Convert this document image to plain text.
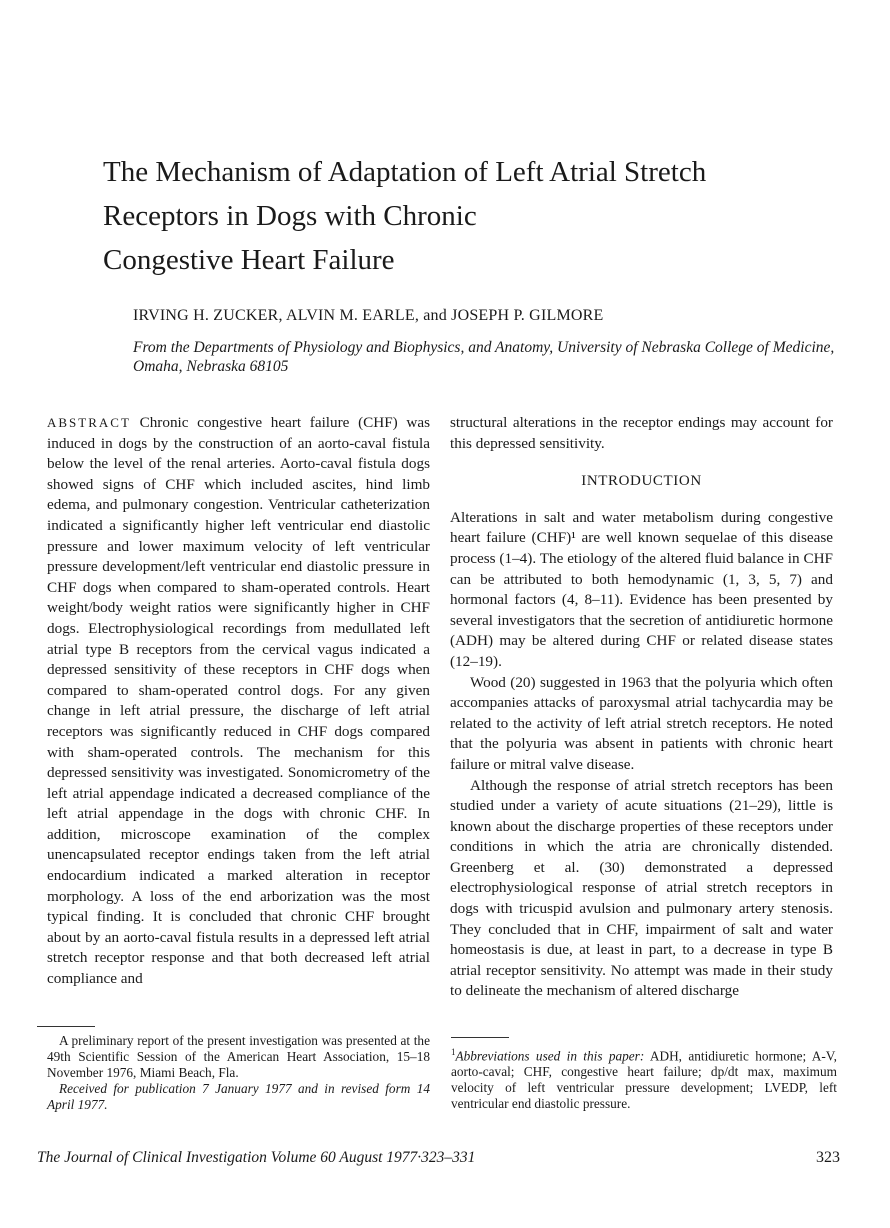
The Mechanism of Adaptation of Left Atrial Stretch
Receptors in Dogs with Chronic
Congestive Heart Failure
IRVING H. ZUCKER, ALVIN M. EARLE, and JOSEPH P. GILMORE
From the Departments of Physiology and Biophysics, and Anatomy, University of Nebraska College of Medicine, Omaha, Nebraska 68105

ABSTRACT Chronic congestive heart failure (CHF) was induced in dogs by the construction of an aorto-caval fistula below the level of the renal arteries. Aorto-caval fistula dogs showed signs of CHF which included ascites, hind limb edema, and pulmonary congestion. Ventricular catheterization indicated a significantly higher left ventricular end diastolic pressure and lower maximum velocity of left ventricular pressure development/left ventricular end diastolic pressure in CHF dogs when compared to sham-operated controls. Heart weight/body weight ratios were significantly higher in CHF dogs. Electrophysiological recordings from medullated left atrial type B receptors from the cervical vagus indicated a depressed sensitivity of these receptors in CHF dogs when compared to sham-operated control dogs. For any given change in left atrial pressure, the discharge of left atrial receptors was significantly reduced in CHF dogs compared with sham-operated controls. The mechanism for this depressed sensitivity was investigated. Sonomicrometry of the left atrial appendage indicated a decreased compliance of the left atrial appendage in the dogs with chronic CHF. In addition, microscope examination of the complex unencapsulated receptor endings taken from the left atrial endocardium indicated a marked alteration in receptor morphology. A loss of the end arborization was the most typical finding. It is concluded that chronic CHF brought about by an aorto-caval fistula results in a depressed left atrial stretch receptor response and that both decreased left atrial compliance and

structural alterations in the receptor endings may account for this depressed sensitivity.

INTRODUCTION

Alterations in salt and water metabolism during congestive heart failure (CHF)¹ are well known sequelae of this disease process (1–4). The etiology of the altered fluid balance in CHF can be attributed to both hemodynamic (1, 3, 5, 7) and hormonal factors (4, 8–11). Evidence has been presented by several investigators that the secretion of antidiuretic hormone (ADH) may be altered during CHF or related disease states (12–19).

Wood (20) suggested in 1963 that the polyuria which often accompanies attacks of paroxysmal atrial tachycardia may be related to the activity of left atrial stretch receptors. He noted that the polyuria was absent in patients with chronic heart failure or mitral valve disease.

Although the response of atrial stretch receptors has been studied under a variety of acute situations (21–29), little is known about the discharge properties of these receptors under conditions in which the atria are chronically distended. Greenberg et al. (30) demonstrated a depressed electrophysiological response of atrial stretch receptors in dogs with tricuspid avulsion and pulmonary artery stenosis. They concluded that in CHF, impairment of salt and water homeostasis is due, at least in part, to a decrease in type B atrial receptor sensitivity. No attempt was made in their study to delineate the mechanism of altered discharge

A preliminary report of the present investigation was presented at the 49th Scientific Session of the American Heart Association, 15–18 November 1976, Miami Beach, Fla.

Received for publication 7 January 1977 and in revised form 14 April 1977.

$^1$Abbreviations used in this paper: ADH, antidiuretic hormone; A-V, aorto-caval; CHF, congestive heart failure; dp/dt max, maximum velocity of left ventricular pressure development; LVEDP, left ventricular end diastolic pressure.
The Journal of Clinical Investigation Volume 60 August 1977·323–331	323
